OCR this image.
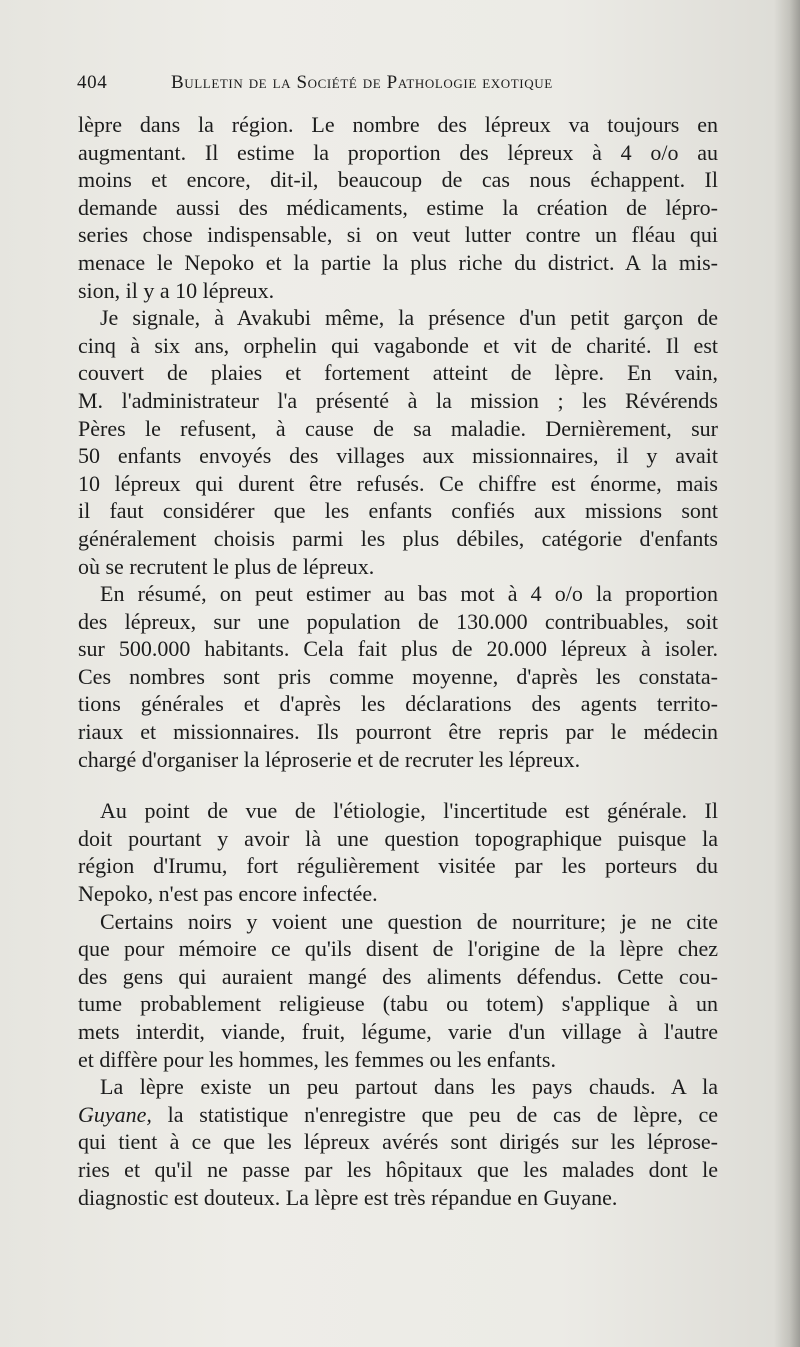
404	Bulletin de la Société de Pathologie exotique
lèpre dans la région. Le nombre des lépreux va toujours en
augmentant. Il estime la proportion des lépreux à 4 o/o au
moins et encore, dit-il, beaucoup de cas nous échappent. Il
demande aussi des médicaments, estime la création de lépro-
series chose indispensable, si on veut lutter contre un fléau qui
menace le Nepoko et la partie la plus riche du district. A la mis-
sion, il y a 10 lépreux.
Je signale, à Avakubi même, la présence d'un petit garçon de
cinq à six ans, orphelin qui vagabonde et vit de charité. Il est
couvert de plaies et fortement atteint de lèpre. En vain,
M. l'administrateur l'a présenté à la mission ; les Révérends
Pères le refusent, à cause de sa maladie. Dernièrement, sur
50 enfants envoyés des villages aux missionnaires, il y avait
10 lépreux qui durent être refusés. Ce chiffre est énorme, mais
il faut considérer que les enfants confiés aux missions sont
généralement choisis parmi les plus débiles, catégorie d'enfants
où se recrutent le plus de lépreux.
En résumé, on peut estimer au bas mot à 4 o/o la proportion
des lépreux, sur une population de 130.000 contribuables, soit
sur 500.000 habitants. Cela fait plus de 20.000 lépreux à isoler.
Ces nombres sont pris comme moyenne, d'après les constata-
tions générales et d'après les déclarations des agents territo-
riaux et missionnaires. Ils pourront être repris par le médecin
chargé d'organiser la léproserie et de recruter les lépreux.
Au point de vue de l'étiologie, l'incertitude est générale. Il
doit pourtant y avoir là une question topographique puisque la
région d'Irumu, fort régulièrement visitée par les porteurs du
Nepoko, n'est pas encore infectée.
Certains noirs y voient une question de nourriture; je ne cite
que pour mémoire ce qu'ils disent de l'origine de la lèpre chez
des gens qui auraient mangé des aliments défendus. Cette cou-
tume probablement religieuse (tabu ou totem) s'applique à un
mets interdit, viande, fruit, légume, varie d'un village à l'autre
et diffère pour les hommes, les femmes ou les enfants.
La lèpre existe un peu partout dans les pays chauds. A la
Guyane, la statistique n'enregistre que peu de cas de lèpre, ce
qui tient à ce que les lépreux avérés sont dirigés sur les léprose-
ries et qu'il ne passe par les hôpitaux que les malades dont le
diagnostic est douteux. La lèpre est très répandue en Guyane.
